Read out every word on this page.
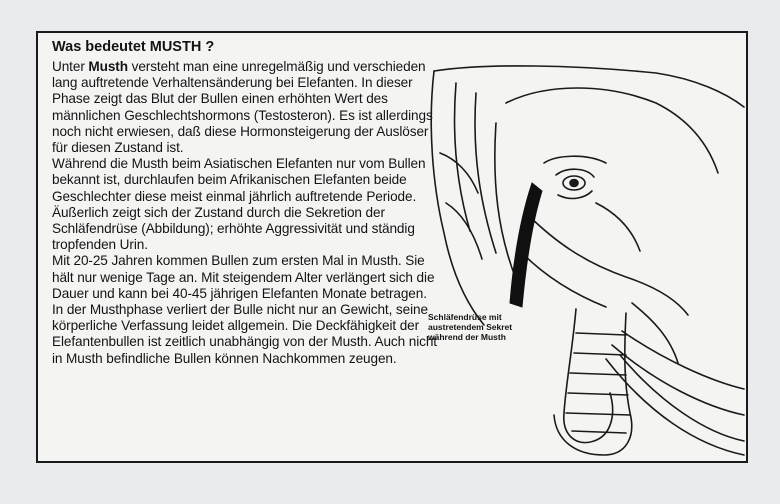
Was bedeutet MUSTH ?

Unter Musth versteht man eine unregelmäßig und verschieden lang auftretende Verhaltensänderung bei Elefanten. In dieser Phase zeigt das Blut der Bullen einen erhöhten Wert des männlichen Geschlechtshormons (Testosteron). Es ist allerdings noch nicht erwiesen, daß diese Hormonsteigerung der Auslöser für diesen Zustand ist.

Während die Musth beim Asiatischen Elefanten nur vom Bullen bekannt ist, durchlaufen beim Afrikanischen Elefanten beide Geschlechter diese meist einmal jährlich auftretende Periode.

Äußerlich zeigt sich der Zustand durch die Sekretion der Schläfendrüse (Abbildung); erhöhte Aggressivität und ständig tropfenden Urin.

Mit 20-25 Jahren kommen Bullen zum ersten Mal in Musth. Sie hält nur wenige Tage an. Mit steigendem Alter verlängert sich die Dauer und kann bei 40-45 jährigen Elefanten Monate betragen.

In der Musthphase verliert der Bulle nicht nur an Gewicht, seine körperliche Verfassung leidet allgemein. Die Deckfähigkeit der Elefantenbullen ist zeitlich unabhängig von der Musth. Auch nicht in Musth befindliche Bullen können Nachkommen zeugen.

Schläfendrüse mit
austretendem Sekret
während der Musth
